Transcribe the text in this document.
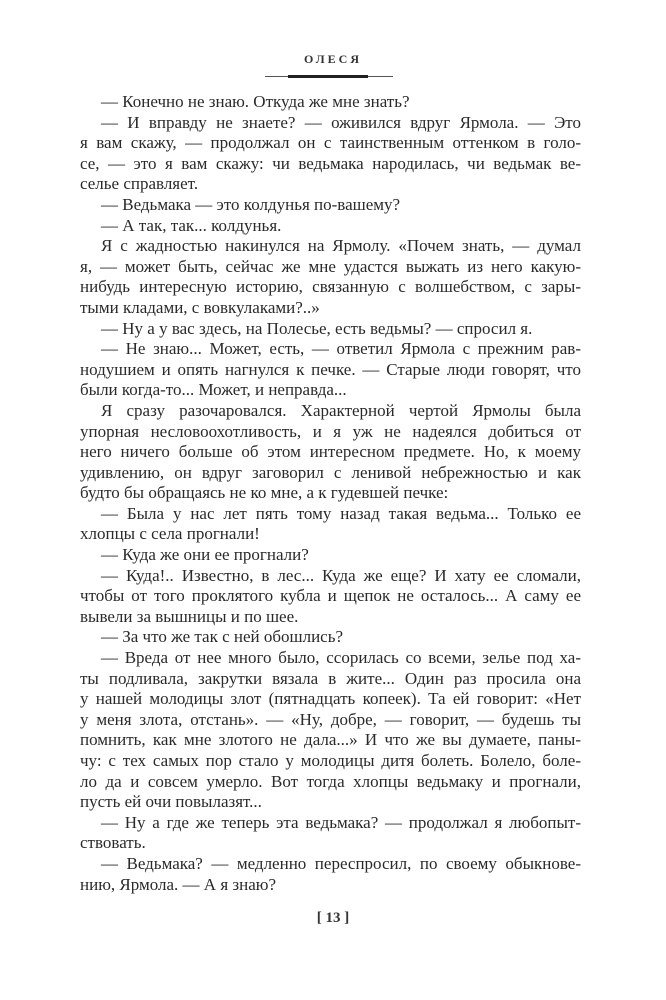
ОЛЕСЯ
— Конечно не знаю. Откуда же мне знать?
— И вправду не знаете? — оживился вдруг Ярмола. — Это
я вам скажу, — продолжал он с таинственным оттенком в голо-
се, — это я вам скажу: чи ведьмака народилась, чи ведьмак ве-
селье справляет.
— Ведьмака — это колдунья по-вашему?
— А так, так... колдунья.
Я с жадностью накинулся на Ярмолу. «Почем знать, — думал
я, — может быть, сейчас же мне удастся выжать из него какую-
нибудь интересную историю, связанную с волшебством, с зары-
тыми кладами, с вовкулаками?..»
— Ну а у вас здесь, на Полесье, есть ведьмы? — спросил я.
— Не знаю... Может, есть, — ответил Ярмола с прежним рав-
нодушием и опять нагнулся к печке. — Старые люди говорят, что
были когда-то... Может, и неправда...
Я сразу разочаровался. Характерной чертой Ярмолы была
упорная несловоохотливость, и я уж не надеялся добиться от
него ничего больше об этом интересном предмете. Но, к моему
удивлению, он вдруг заговорил с ленивой небрежностью и как
будто бы обращаясь не ко мне, а к гудевшей печке:
— Была у нас лет пять тому назад такая ведьма... Только ее
хлопцы с села прогнали!
— Куда же они ее прогнали?
— Куда!.. Известно, в лес... Куда же еще? И хату ее сломали,
чтобы от того проклятого кубла и щепок не осталось... А саму ее
вывели за вышницы и по шее.
— За что же так с ней обошлись?
— Вреда от нее много было, ссорилась со всеми, зелье под ха-
ты подливала, закрутки вязала в жите... Один раз просила она
у нашей молодицы злот (пятнадцать копеек). Та ей говорит: «Нет
у меня злота, отстань». — «Ну, добре, — говорит, — будешь ты
помнить, как мне злотого не дала...» И что же вы думаете, паны-
чу: с тех самых пор стало у молодицы дитя болеть. Болело, боле-
ло да и совсем умерло. Вот тогда хлопцы ведьмаку и прогнали,
пусть ей очи повылазят...
— Ну а где же теперь эта ведьмака? — продолжал я любопыт-
ствовать.
— Ведьмака? — медленно переспросил, по своему обыкнове-
нию, Ярмола. — А я знаю?
[ 13 ]
